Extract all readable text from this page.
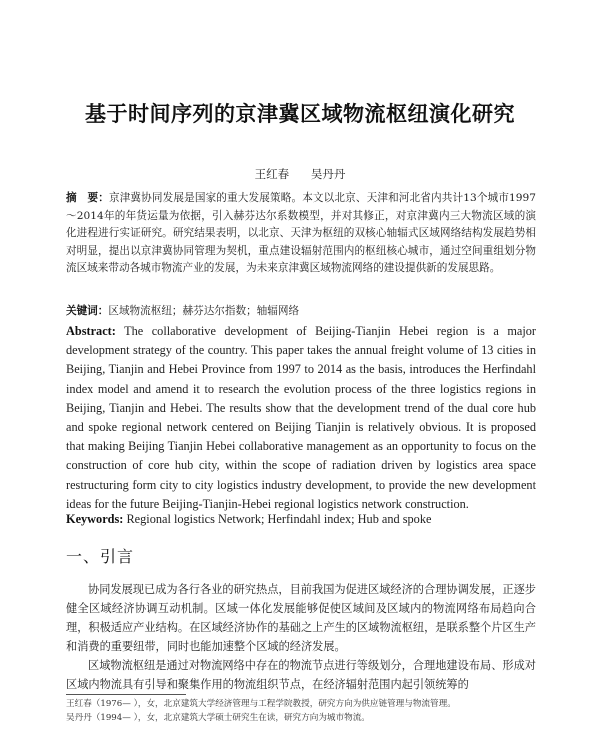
基于时间序列的京津冀区域物流枢纽演化研究
王红春 吴丹丹
摘　要：京津冀协同发展是国家的重大发展策略。本文以北京、天津和河北省内共计13个城市1997～2014年的年货运量为依据，引入赫芬达尔系数模型，并对其修正，对京津冀内三大物流区域的演化进程进行实证研究。研究结果表明，以北京、天津为枢纽的双核心轴辐式区域网络结构发展趋势相对明显，提出以京津冀协同管理为契机，重点建设辐射范围内的枢纽核心城市，通过空间重组划分物流区域来带动各城市物流产业的发展，为未来京津冀区域物流网络的建设提供新的发展思路。
关键词：区域物流枢纽；赫芬达尔指数；轴辐网络
Abstract: The collaborative development of Beijing-Tianjin Hebei region is a major development strategy of the country. This paper takes the annual freight volume of 13 cities in Beijing, Tianjin and Hebei Province from 1997 to 2014 as the basis, introduces the Herfindahl index model and amend it to research the evolution process of the three logistics regions in Beijing, Tianjin and Hebei. The results show that the development trend of the dual core hub and spoke regional network centered on Beijing Tianjin is relatively obvious. It is proposed that making Beijing Tianjin Hebei collaborative management as an opportunity to focus on the construction of core hub city, within the scope of radiation driven by logistics area space restructuring form city to city logistics industry development, to provide the new development ideas for the future Beijing-Tianjin-Hebei regional logistics network construction.
Keywords: Regional logistics Network; Herfindahl index; Hub and spoke
一、引言

协同发展现已成为各行各业的研究热点，目前我国为促进区域经济的合理协调发展，正逐步健全区域经济协调互动机制。区域一体化发展能够促使区域间及区域内的物流网络布局趋向合理，积极适应产业结构。在区域经济协作的基础之上产生的区域物流枢纽，是联系整个片区生产和消费的重要纽带，同时也能加速整个区域的经济发展。

区域物流枢纽是通过对物流网络中存在的物流节点进行等级划分，合理地建设布局、形成对区域内物流具有引导和聚集作用的物流组织节点，在经济辐射范围内起引领统筹的

王红春（1976— ），女，北京建筑大学经济管理与工程学院教授，研究方向为供应链管理与物流管理。
吴丹丹（1994— ），女，北京建筑大学硕士研究生在读，研究方向为城市物流。
